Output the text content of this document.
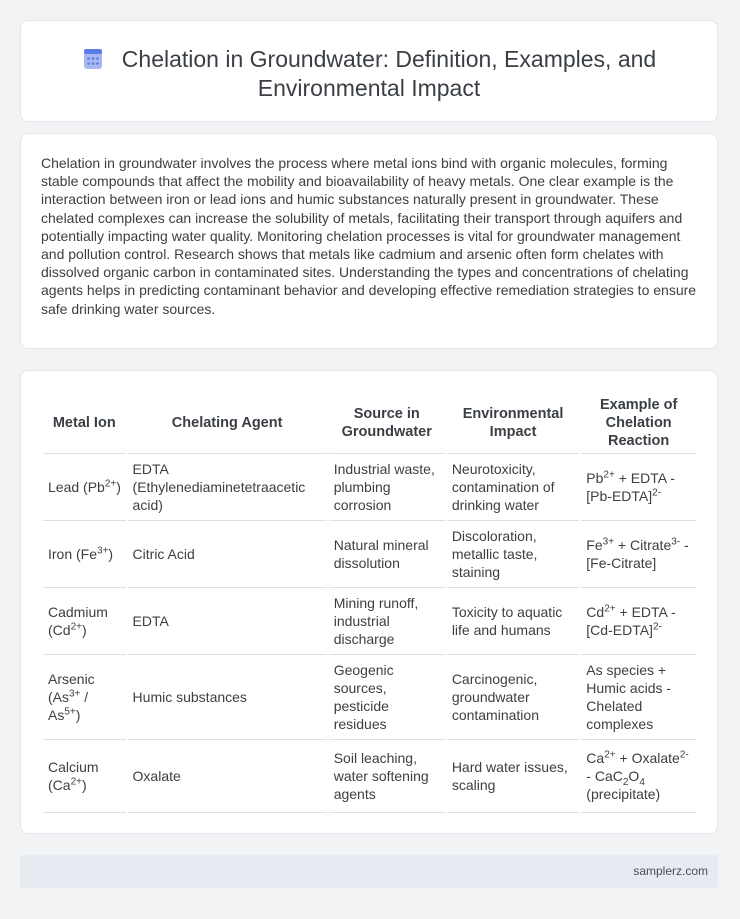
Chelation in Groundwater: Definition, Examples, and Environmental Impact

Chelation in groundwater involves the process where metal ions bind with organic molecules, forming stable compounds that affect the mobility and bioavailability of heavy metals. One clear example is the interaction between iron or lead ions and humic substances naturally present in groundwater. These chelated complexes can increase the solubility of metals, facilitating their transport through aquifers and potentially impacting water quality. Monitoring chelation processes is vital for groundwater management and pollution control. Research shows that metals like cadmium and arsenic often form chelates with dissolved organic carbon in contaminated sites. Understanding the types and concentrations of chelating agents helps in predicting contaminant behavior and developing effective remediation strategies to ensure safe drinking water sources.

Metal Ion	Chelating Agent	Source in Groundwater	Environmental Impact	Example of Chelation Reaction
Lead $(Pb^{2+})$	EDTA (Ethylenediaminetetraacetic acid)	Industrial waste, plumbing corrosion	Neurotoxicity, contamination of drinking water	$Pb^{2+}$ + EDTA - [Pb-EDTA]$^{2-}$
Iron $(Fe^{3+})$	Citric Acid	Natural mineral dissolution	Discoloration, metallic taste, staining	$Fe^{3+}$ + Citrate$^{3-}$ - [Fe-Citrate]
Cadmium $(Cd^{2+})$	EDTA	Mining runoff, industrial discharge	Toxicity to aquatic life and humans	$Cd^{2+}$ + EDTA - [Cd-EDTA]$^{2-}$
Arsenic $(As^{3+} / As^{5+})$	Humic substances	Geogenic sources, pesticide residues	Carcinogenic, groundwater contamination	As species + Humic acids - Chelated complexes
Calcium $(Ca^{2+})$	Oxalate	Soil leaching, water softening agents	Hard water issues, scaling	$Ca^{2+}$ + Oxalate$^{2-}$ - $CaC_2O_4$ (precipitate)
samplerz.com
